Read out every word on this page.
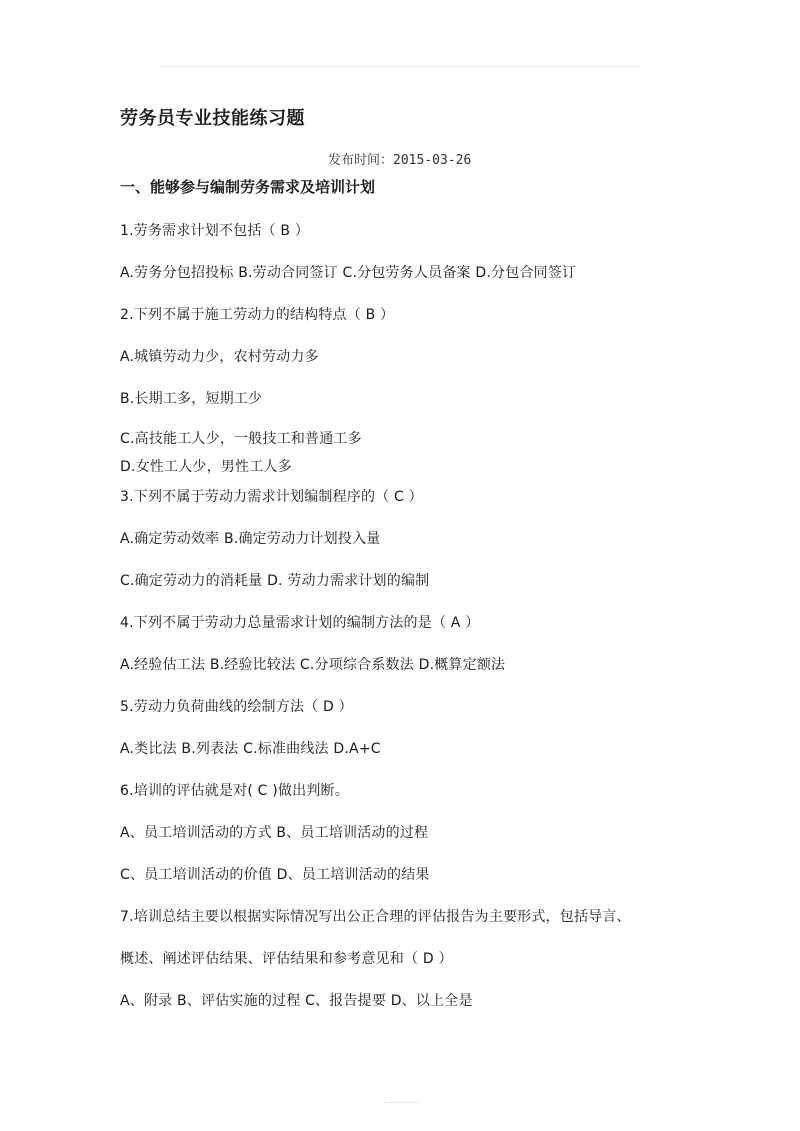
劳务员专业技能练习题
发布时间：2015-03-26
一、能够参与编制劳务需求及培训计划
1.劳务需求计划不包括（ B ）
A.劳务分包招投标 B.劳动合同签订 C.分包劳务人员备案 D.分包合同签订
2.下列不属于施工劳动力的结构特点（ B ）
A.城镇劳动力少，农村劳动力多
B.长期工多，短期工少
C.高技能工人少，一般技工和普通工多
D.女性工人少，男性工人多
3.下列不属于劳动力需求计划编制程序的（ C ）
A.确定劳动效率 B.确定劳动力计划投入量
C.确定劳动力的消耗量 D. 劳动力需求计划的编制
4.下列不属于劳动力总量需求计划的编制方法的是（ A ）
A.经验估工法 B.经验比较法 C.分项综合系数法 D.概算定额法
5.劳动力负荷曲线的绘制方法（ D ）
A.类比法 B.列表法 C.标准曲线法 D.A+C
6.培训的评估就是对( C )做出判断。
A、员工培训活动的方式 B、员工培训活动的过程
C、员工培训活动的价值 D、员工培训活动的结果
7.培训总结主要以根据实际情况写出公正合理的评估报告为主要形式，包括导言、
概述、阐述评估结果、评估结果和参考意见和（ D ）
A、附录 B、评估实施的过程 C、报告提要 D、以上全是
